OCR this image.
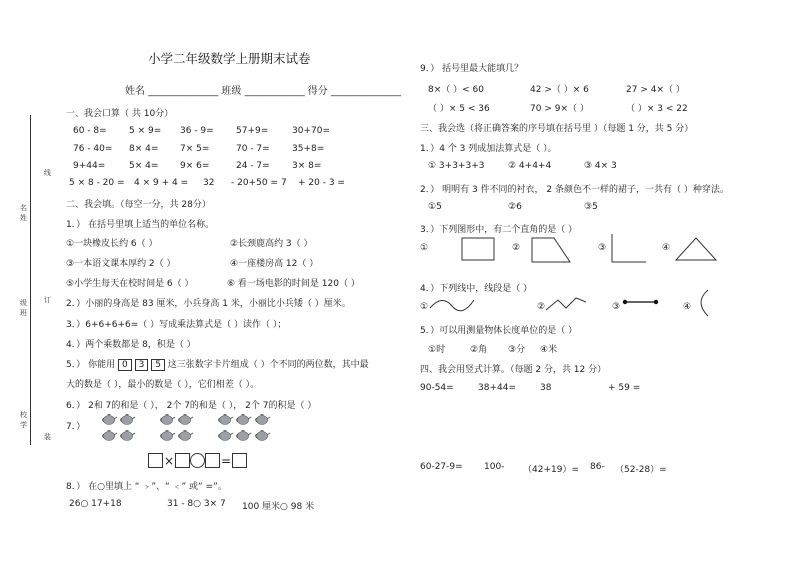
线
名
姓
订
级
班
校
学
装
小学二年级数学上册期末试卷
姓名 ______________ 班级 ____________ 得分 ______________
一、我会口算（ 共 10分）
60 - 8= 5 × 9= 36 - 9= 57+9=	30+70=
76 - 40= 8× 4= 7× 5=	70 - 7= 35+8=
9+44=	5× 4= 9× 6=	24 - 7= 3× 8=
5 × 8 - 20 = 4 × 9 + 4 = 32 - 20+50 = 7 + 20 - 3 =
二、我会填。（每空一分，共 28分）
1．） 在括号里填上适当的单位名称。
①一块橡皮长约 6（ ）	②长颈鹿高约 3（ ）
③一本语文课本厚约 2（ ）	④一座楼房高 12（ ）
⑤小学生每天在校时间是 6（ ）	⑥ 看一场电影的时间是 120（ ）
2．）小丽的身高是 83 厘米，小兵身高 1 米，小丽比小兵矮（ ）厘米。
3．）6+6+6+6=（ ）写成乘法算式是（ ）读作（ ）；
4．）两个乘数都是 8，积是（ ）
5．） 你能用 0 3 5 这三张数字卡片组成（ ）个不同的两位数，其中最
大的数是（ ），最小的数是（ ），它们相差（ ）。
6．） 2和 7的和是（ ）， 2个 7的和是（ ）， 2个 7的积是（ ）
7．）
×	=
8．） 在○里填上 “ ﹥”、“ ﹤” 或“ =”。
26○ 17+18	31 - 8○ 3× 7 100 厘米○ 98 米
9．） 括号里最大能填几？
8×（ ）< 60	42 >（ ）× 6	27 > 4×（ ）
（ ）× 5 < 36	70 > 9×（ ）	（ ）× 3 < 22
三、我会选（将正确答案的序号填在括号里 ）（每题 1 分，共 5 分）
1．）4 个 3 列成加法算式是（ ）。
① 3+3+3+3	② 4+4+4	③ 4× 3
2．） 明明有 3 件不同的衬衣， 2 条颜色不一样的裙子，一共有（ ）种穿法。
①5	②6	③5
3．）下列图形中，有二个直角的是（ ）
①	②	③	④
4．）下列线中，线段是（ ）
①	②	③	④
5．）可以用测量物体长度单位的是（ ）
①时	②角 ③分 ④米
四、我会用竖式计算。（每题 2 分，共 12 分）
90-54=	38+44=	38	+ 59 =
60-27-9= 100- （42+19）= 86- （52-28）=
